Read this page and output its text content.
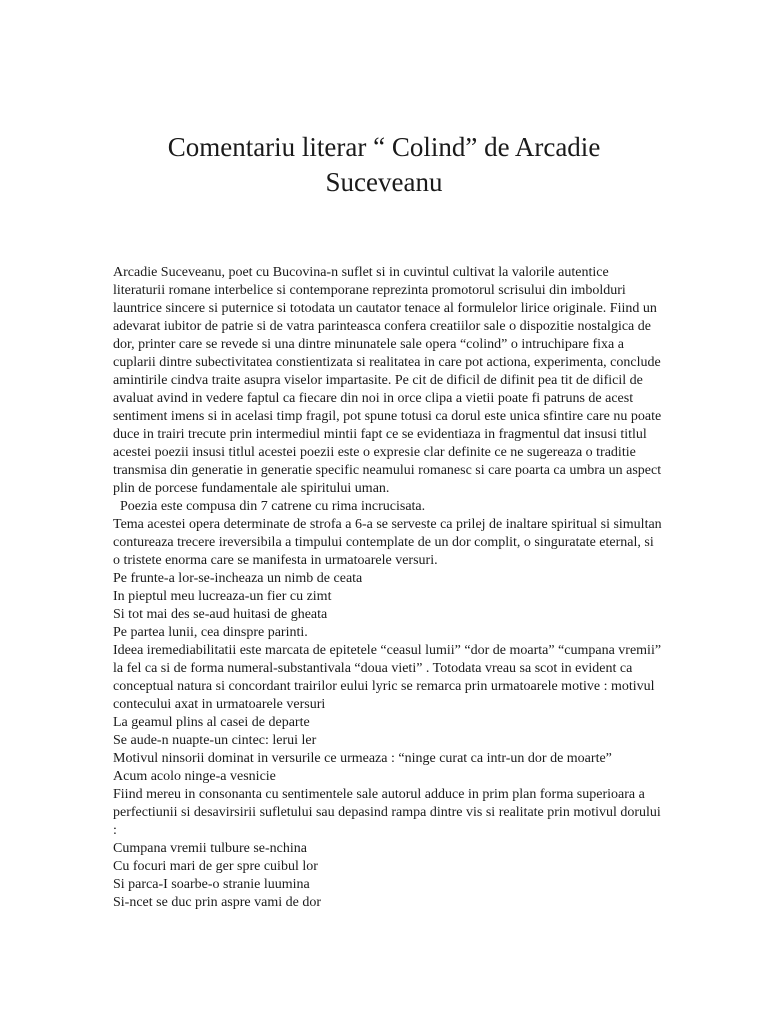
Comentariu literar “ Colind” de Arcadie Suceveanu

Arcadie Suceveanu, poet cu Bucovina-n suflet si in cuvintul cultivat la valorile autentice literaturii romane interbelice si contemporane reprezinta promotorul scrisului din imbolduri launtrice sincere si puternice si totodata un cautator tenace al formulelor lirice originale. Fiind un adevarat iubitor de patrie si de vatra parinteasca confera creatiilor sale o dispozitie nostalgica de dor, printer care se revede si una dintre minunatele sale opera “colind” o intruchipare fixa a cuplarii dintre subectivitatea constientizata si realitatea in care pot actiona, experimenta, conclude amintirile cindva traite asupra viselor impartasite. Pe cit de dificil de difinit pea tit de dificil de avaluat avind in vedere faptul ca fiecare din noi in orce clipa a vietii poate fi patruns de acest sentiment imens si in acelasi timp fragil, pot spune totusi ca dorul este unica sfintire care nu poate duce in trairi trecute prin intermediul mintii fapt ce se evidentiaza in fragmentul dat insusi titlul acestei poezii insusi titlul acestei poezii este o expresie clar definite ce ne sugereaza o traditie transmisa din generatie in generatie specific neamului romanesc si care poarta ca umbra un aspect plin de porcese fundamentale ale spiritului uman.

Poezia este compusa din 7 catrene cu rima incrucisata.

Tema acestei opera determinate de strofa a 6-a se serveste ca prilej de inaltare spiritual si simultan contureaza trecere ireversibila a timpului contemplate de un dor complit, o singuratate eternal, si o tristete enorma care se manifesta in urmatoarele versuri.

Pe frunte-a lor-se-incheaza un nimb de ceata

In pieptul meu lucreaza-un fier cu zimt

Si tot mai des se-aud huitasi de gheata

Pe partea lunii, cea dinspre parinti.

Ideea iremediabilitatii este marcata de epitetele “ceasul lumii” “dor de moarta” “cumpana vremii” la fel ca si de forma numeral-substantivala “doua vieti” . Totodata vreau sa scot in evident ca conceptual natura si concordant trairilor eului lyric se remarca prin urmatoarele motive : motivul contecului axat in urmatoarele versuri

La geamul plins al casei de departe

Se aude-n nuapte-un cintec: lerui ler

Motivul ninsorii dominat in versurile ce urmeaza : “ninge curat ca intr-un dor de moarte”

Acum acolo ninge-a vesnicie

Fiind mereu in consonanta cu sentimentele sale autorul adduce in prim plan forma superioara a perfectiunii si desavirsirii sufletului sau depasind rampa dintre vis si realitate prin motivul dorului :

Cumpana vremii tulbure se-nchina

Cu focuri mari de ger spre cuibul lor

Si parca-I soarbe-o stranie luumina

Si-ncet se duc prin aspre vami de dor
